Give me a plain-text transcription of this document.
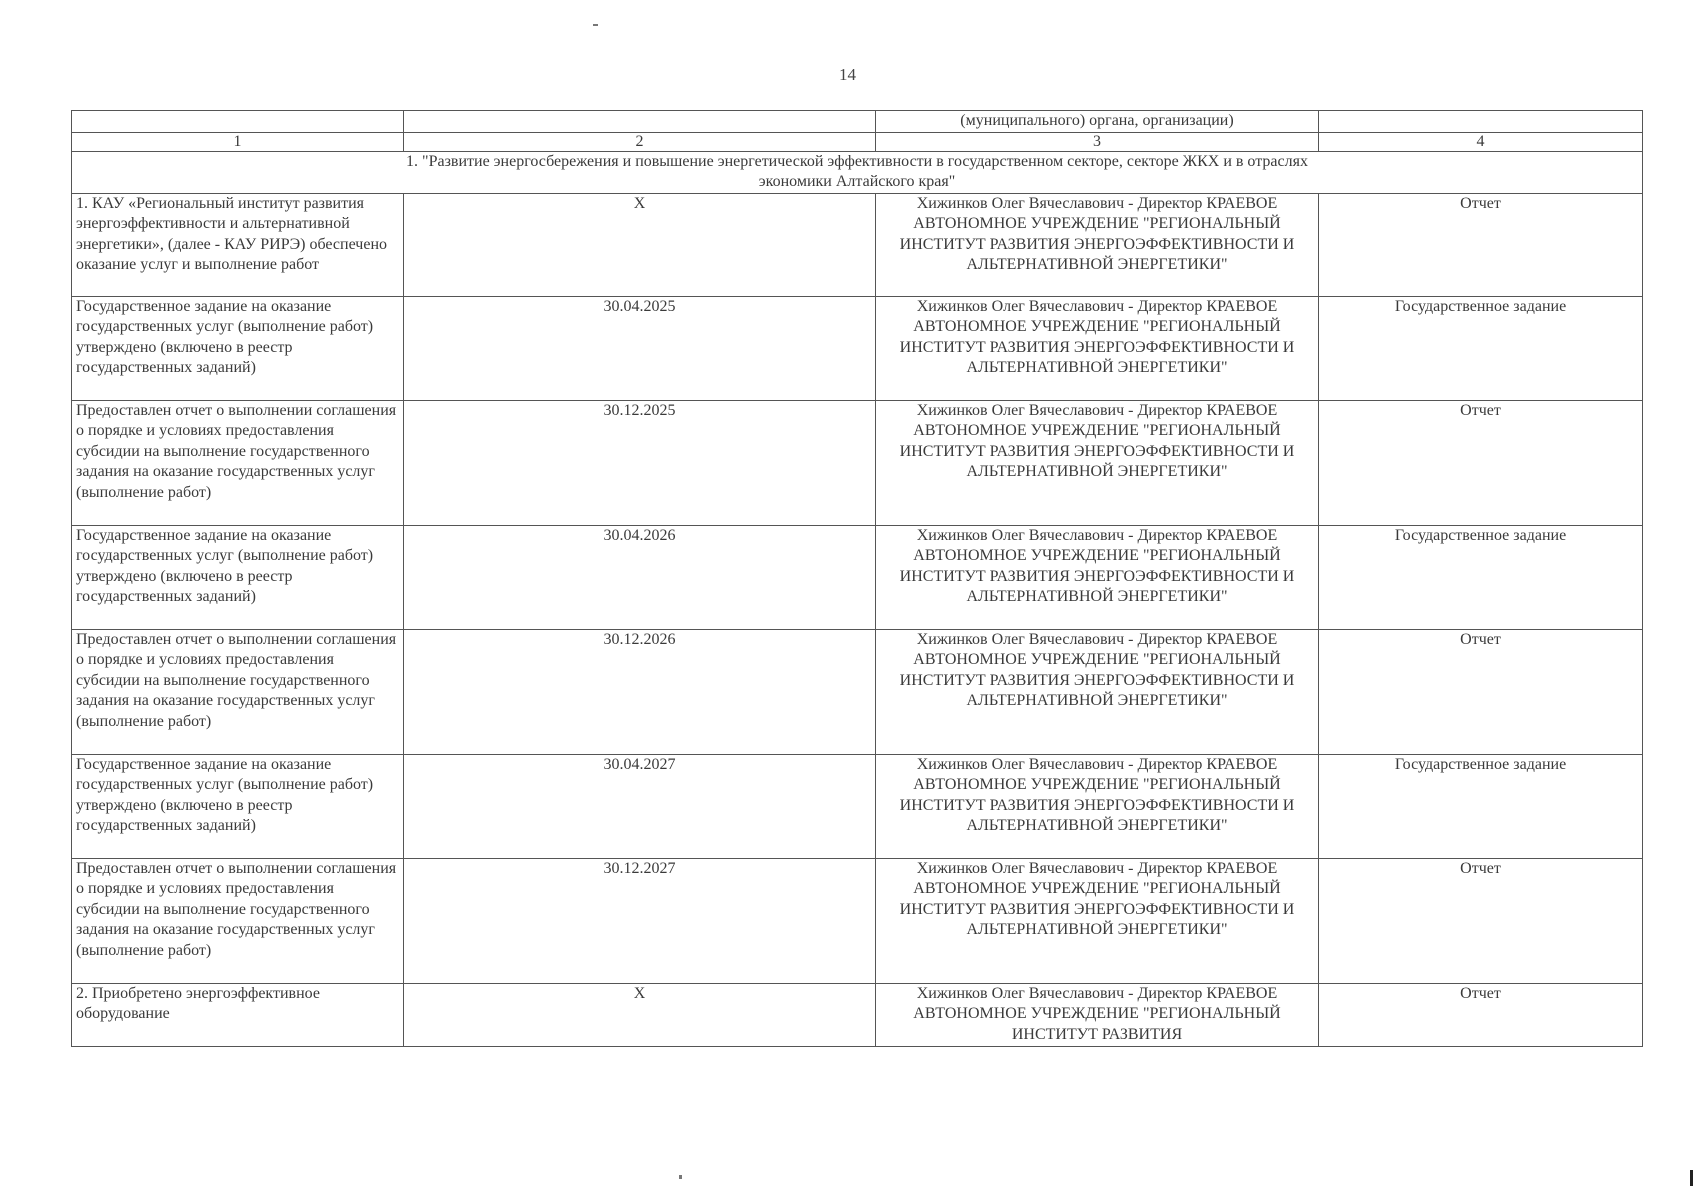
14
		(муниципального) органа, организации)	
1	2	3	4

1. "Развитие энергосбережения и повышение энергетической эффективности в государственном секторе, секторе ЖКХ и в отраслях
экономики Алтайского края"			

1. КАУ «Региональный институт развития энергоэффективности и альтернативной энергетики», (далее - КАУ РИРЭ) обеспечено оказание услуг и выполнение работ	X	Хижинков Олег Вячеславович - Директор КРАЕВОЕ АВТОНОМНОЕ УЧРЕЖДЕНИЕ "РЕГИОНАЛЬНЫЙ ИНСТИТУТ РАЗВИТИЯ ЭНЕРГОЭФФЕКТИВНОСТИ И АЛЬТЕРНАТИВНОЙ ЭНЕРГЕТИКИ"	Отчет
Государственное задание на оказание государственных услуг (выполнение работ) утверждено (включено в реестр государственных заданий)	30.04.2025	Хижинков Олег Вячеславович - Директор КРАЕВОЕ АВТОНОМНОЕ УЧРЕЖДЕНИЕ "РЕГИОНАЛЬНЫЙ ИНСТИТУТ РАЗВИТИЯ ЭНЕРГОЭФФЕКТИВНОСТИ И АЛЬТЕРНАТИВНОЙ ЭНЕРГЕТИКИ"	Государственное задание
Предоставлен отчет о выполнении соглашения о порядке и условиях предоставления субсидии на выполнение государственного задания на оказание государственных услуг (выполнение работ)	30.12.2025	Хижинков Олег Вячеславович - Директор КРАЕВОЕ АВТОНОМНОЕ УЧРЕЖДЕНИЕ "РЕГИОНАЛЬНЫЙ ИНСТИТУТ РАЗВИТИЯ ЭНЕРГОЭФФЕКТИВНОСТИ И АЛЬТЕРНАТИВНОЙ ЭНЕРГЕТИКИ"	Отчет
Государственное задание на оказание государственных услуг (выполнение работ) утверждено (включено в реестр государственных заданий)	30.04.2026	Хижинков Олег Вячеславович - Директор КРАЕВОЕ АВТОНОМНОЕ УЧРЕЖДЕНИЕ "РЕГИОНАЛЬНЫЙ ИНСТИТУТ РАЗВИТИЯ ЭНЕРГОЭФФЕКТИВНОСТИ И АЛЬТЕРНАТИВНОЙ ЭНЕРГЕТИКИ"	Государственное задание
Предоставлен отчет о выполнении соглашения о порядке и условиях предоставления субсидии на выполнение государственного задания на оказание государственных услуг (выполнение работ)	30.12.2026	Хижинков Олег Вячеславович - Директор КРАЕВОЕ АВТОНОМНОЕ УЧРЕЖДЕНИЕ "РЕГИОНАЛЬНЫЙ ИНСТИТУТ РАЗВИТИЯ ЭНЕРГОЭФФЕКТИВНОСТИ И АЛЬТЕРНАТИВНОЙ ЭНЕРГЕТИКИ"	Отчет
Государственное задание на оказание государственных услуг (выполнение работ) утверждено (включено в реестр государственных заданий)	30.04.2027	Хижинков Олег Вячеславович - Директор КРАЕВОЕ АВТОНОМНОЕ УЧРЕЖДЕНИЕ "РЕГИОНАЛЬНЫЙ ИНСТИТУТ РАЗВИТИЯ ЭНЕРГОЭФФЕКТИВНОСТИ И АЛЬТЕРНАТИВНОЙ ЭНЕРГЕТИКИ"	Государственное задание
Предоставлен отчет о выполнении соглашения о порядке и условиях предоставления субсидии на выполнение государственного задания на оказание государственных услуг (выполнение работ)	30.12.2027	Хижинков Олег Вячеславович - Директор КРАЕВОЕ АВТОНОМНОЕ УЧРЕЖДЕНИЕ "РЕГИОНАЛЬНЫЙ ИНСТИТУТ РАЗВИТИЯ ЭНЕРГОЭФФЕКТИВНОСТИ И АЛЬТЕРНАТИВНОЙ ЭНЕРГЕТИКИ"	Отчет
2. Приобретено энергоэффективное оборудование	X	Хижинков Олег Вячеславович - Директор КРАЕВОЕ АВТОНОМНОЕ УЧРЕЖДЕНИЕ "РЕГИОНАЛЬНЫЙ ИНСТИТУТ РАЗВИТИЯ	Отчет
